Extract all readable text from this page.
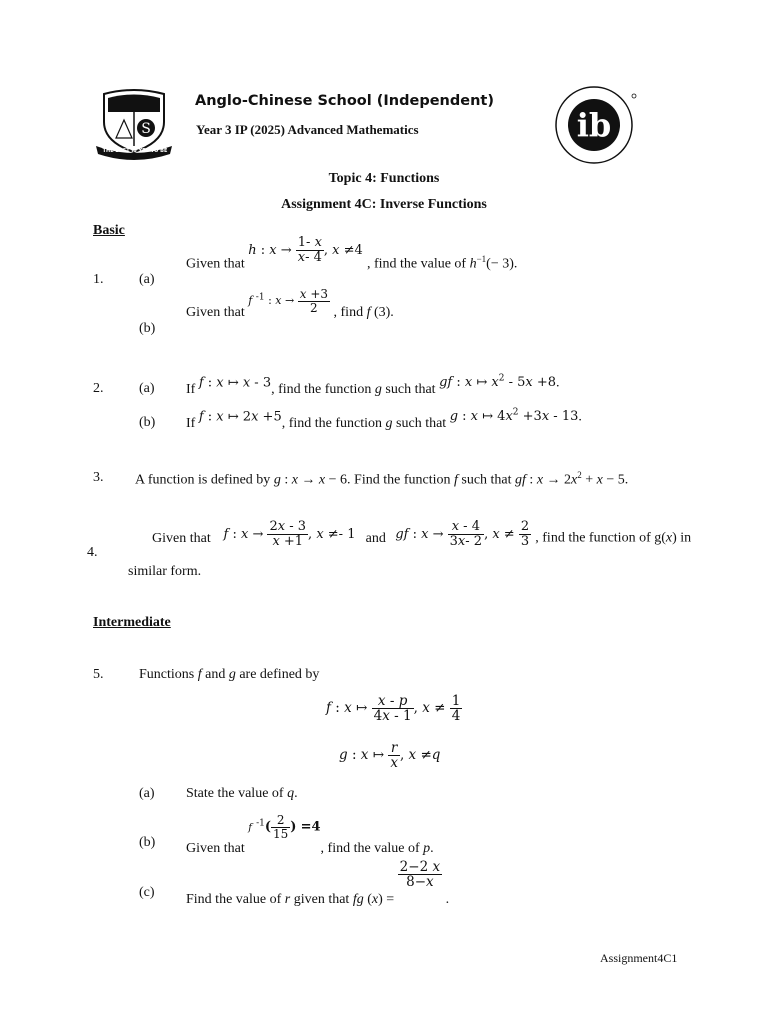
S
THE BEST IS YET TO BE
Anglo-Chinese School (Independent)
Year 3 IP (2025) Advanced Mathematics	ib
Topic 4: Functions
Assignment 4C: Inverse Functions
Basic
1.	(a)
Given that h : $x \to \frac{1- x}{x- 4}$ , x ≠4 , find the value of $h^{-1}(- 3)$.
(b)
Given that $^{f ^{-1} : x \to \frac{x +3}{2}}$ , find f (3).
2.	(a) If f : x ↦ x - 3, find the function g such that gf : x ↦ $x^2 - 5x +8$.
(b) If f : x ↦ 2x +5, find the function g such that g : x ↦ $4x^2 +3x - 13$.
3. A function is defined by g : x → x − 6. Find the function f such that gf : $x \to 2x^2 + x - 5$.
4.
Given that f : $x \to \frac{2x - 3}{x +1}$ , x ≠- 1 and gf : $x \to \frac{x - 4}{3x- 2}$ , $x \ne \frac{2}{3}$ , find the function of g(x) in
similar form.
Intermediate
5.	Functions f and g are defined by
f : x ↦ $\frac{x - p}{4x - 1}$ , $x \ne \frac{1}{4}$
g : x ↦ $\frac{r}{x}$ , x ≠q
(a) State the value of q.
(b) Given that f $^{-1}( \frac{2}{15}$ ) =4, find the value of p.
(c) Find the value of r given that fg (x) =
$\frac{2-2 x}{8-x}$
.
Assignment4C1
